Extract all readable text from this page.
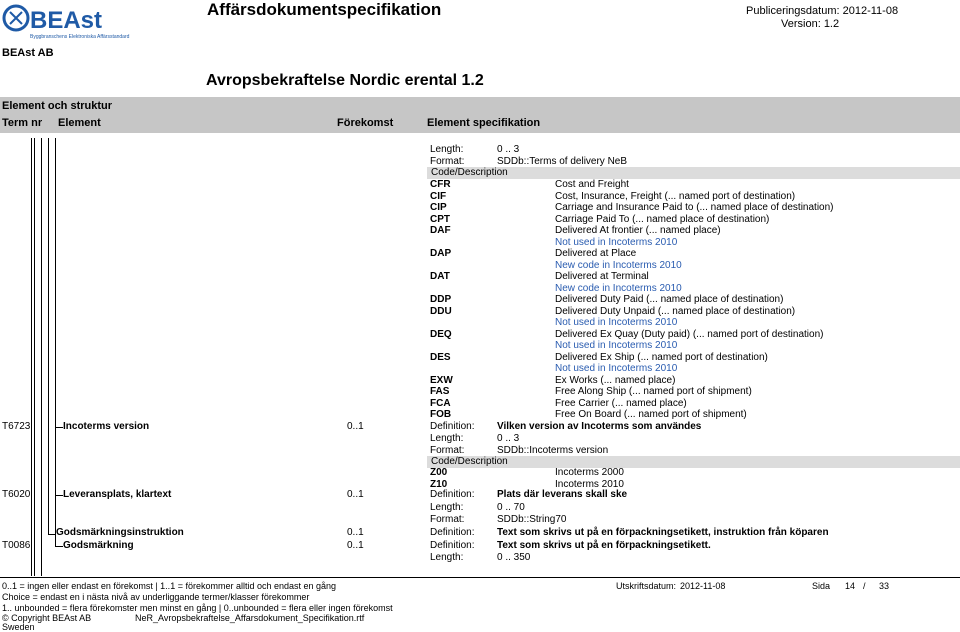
BEAst
Byggbranschens Elektroniska Affärsstandard
Affärsdokumentspecifikation	Publiceringsdatum: 2012-11-08
Version: 1.2
BEAst AB
Avropsbekraftelse Nordic erental 1.2
Element och struktur
Term nr Element	Förekomst	Element specifikation
Length:	0 .. 3
Format:	SDDb::Terms of delivery NeB
Code/Description
CFR	Cost and Freight
CIF	Cost, Insurance, Freight (... named port of destination)
CIP	Carriage and Insurance Paid to (... named place of destination)
CPT	Carriage Paid To (... named place of destination)
DAF	Delivered At frontier (... named place)
Not used in Incoterms 2010
DAP	Delivered at Place
New code in Incoterms 2010
DAT	Delivered at Terminal
New code in Incoterms 2010
DDP	Delivered Duty Paid (... named place of destination)
DDU	Delivered Duty Unpaid (... named place of destination)
Not used in Incoterms 2010
DEQ	Delivered Ex Quay (Duty paid) (... named port of destination)
Not used in Incoterms 2010
DES	Delivered Ex Ship (... named port of destination)
Not used in Incoterms 2010
EXW	Ex Works (... named place)
FAS	Free Along Ship (... named port of shipment)
FCA	Free Carrier (... named place)
FOB	Free On Board (... named port of shipment)
T6723	Incoterms version	0..1	Definition: Vilken version av Incoterms som användes
Length:	0 .. 3
Format:	SDDb::Incoterms version
Code/Description
Z00	Incoterms 2000
Z10	Incoterms 2010
T6020	Leveransplats, klartext	0..1	Definition: Plats där leverans skall ske
Length:	0 .. 70
Format:	SDDb::String70
Godsmärkningsinstruktion	0..1	Definition: Text som skrivs ut på en förpackningsetikett, instruktion från köparen
T0086	Godsmärkning	0..1	Definition: Text som skrivs ut på en förpackningsetikett.
Length:	0 .. 350
0..1 = ingen eller endast en förekomst | 1..1 = förekommer alltid och endast en gång
Choice = endast en i nästa nivå av underliggande termer/klasser förekommer
1.. unbounded = flera förekomster men minst en gång | 0..unbounded = flera eller ingen förekomst
© Copyright BEAst AB
Sweden
NeR_Avropsbekraftelse_Affarsdokument_Specifikation.rtf
Utskriftsdatum: 2012-11-08	Sida 14 / 33
